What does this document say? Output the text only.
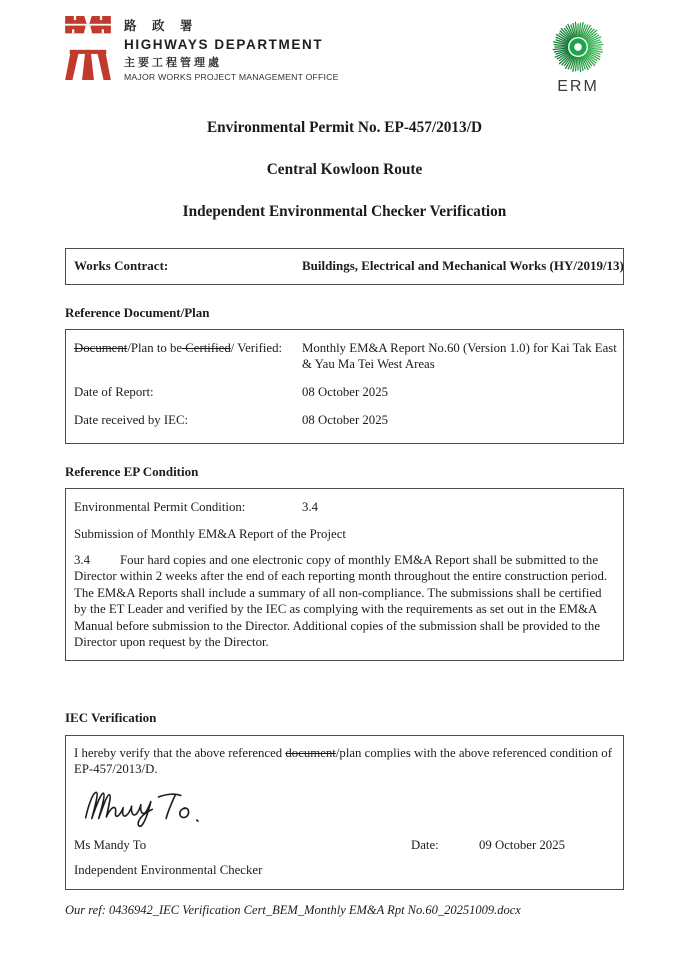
路 政 署
HIGHWAYS DEPARTMENT
主要工程管理處
MAJOR WORKS PROJECT MANAGEMENT OFFICE
ERM
Environmental Permit No. EP-457/2013/D
Central Kowloon Route
Independent Environmental Checker Verification
Works Contract:	Buildings, Electrical and Mechanical Works (HY/2019/13)
Reference Document/Plan
Document/Plan to be Certified/ Verified:	Monthly EM&A Report No.60 (Version 1.0) for Kai Tak East & Yau Ma Tei West Areas
Date of Report:	08 October 2025
Date received by IEC:	08 October 2025
Reference EP Condition
Environmental Permit Condition:	3.4
Submission of Monthly EM&A Report of the Project

3.4 Four hard copies and one electronic copy of monthly EM&A Report shall be submitted to the Director within 2 weeks after the end of each reporting month throughout the entire construction period. The EM&A Reports shall include a summary of all non-compliance. The submissions shall be certified by the ET Leader and verified by the IEC as complying with the requirements as set out in the EM&A Manual before submission to the Director. Additional copies of the submission shall be provided to the Director upon request by the Director.

IEC Verification

I hereby verify that the above referenced document/plan complies with the above referenced condition of EP-457/2013/D.

Ms Mandy To	Date:	09 October 2025
Independent Environmental Checker
Our ref: 0436942_IEC Verification Cert_BEM_Monthly EM&A Rpt No.60_20251009.docx
